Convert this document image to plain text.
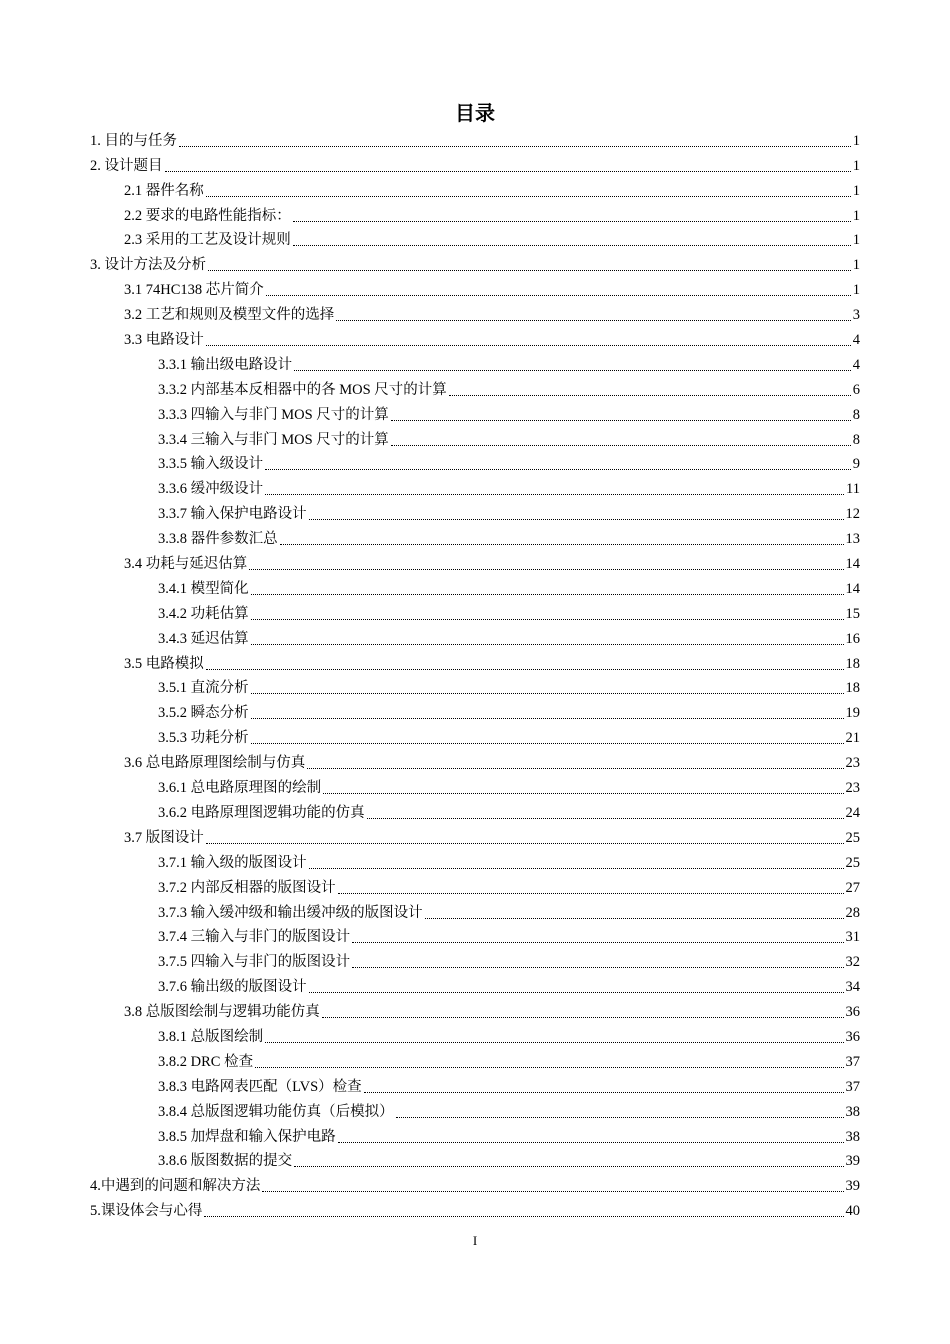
目录
1. 目的与任务	1
2. 设计题目	1
2.1 器件名称	1
2.2 要求的电路性能指标：	1
2.3 采用的工艺及设计规则	1
3. 设计方法及分析	1
3.1 74HC138 芯片简介	1
3.2 工艺和规则及模型文件的选择	3
3.3 电路设计	4
3.3.1 输出级电路设计	4
3.3.2 内部基本反相器中的各 MOS 尺寸的计算	6
3.3.3 四输入与非门 MOS 尺寸的计算	8
3.3.4 三输入与非门 MOS 尺寸的计算	8
3.3.5 输入级设计	9
3.3.6 缓冲级设计	11
3.3.7 输入保护电路设计	12
3.3.8 器件参数汇总	13
3.4 功耗与延迟估算	14
3.4.1 模型简化	14
3.4.2 功耗估算	15
3.4.3 延迟估算	16
3.5 电路模拟	18
3.5.1 直流分析	18
3.5.2 瞬态分析	19
3.5.3 功耗分析	21
3.6 总电路原理图绘制与仿真	23
3.6.1 总电路原理图的绘制	23
3.6.2 电路原理图逻辑功能的仿真	24
3.7 版图设计	25
3.7.1 输入级的版图设计	25
3.7.2 内部反相器的版图设计	27
3.7.3 输入缓冲级和输出缓冲级的版图设计	28
3.7.4 三输入与非门的版图设计	31
3.7.5 四输入与非门的版图设计	32
3.7.6 输出级的版图设计	34
3.8 总版图绘制与逻辑功能仿真	36
3.8.1 总版图绘制	36
3.8.2 DRC 检查	37
3.8.3 电路网表匹配（LVS）检查	37
3.8.4 总版图逻辑功能仿真（后模拟）	38
3.8.5 加焊盘和输入保护电路	38
3.8.6 版图数据的提交	39
4.中遇到的问题和解决方法	39
5.课设体会与心得	40
I
